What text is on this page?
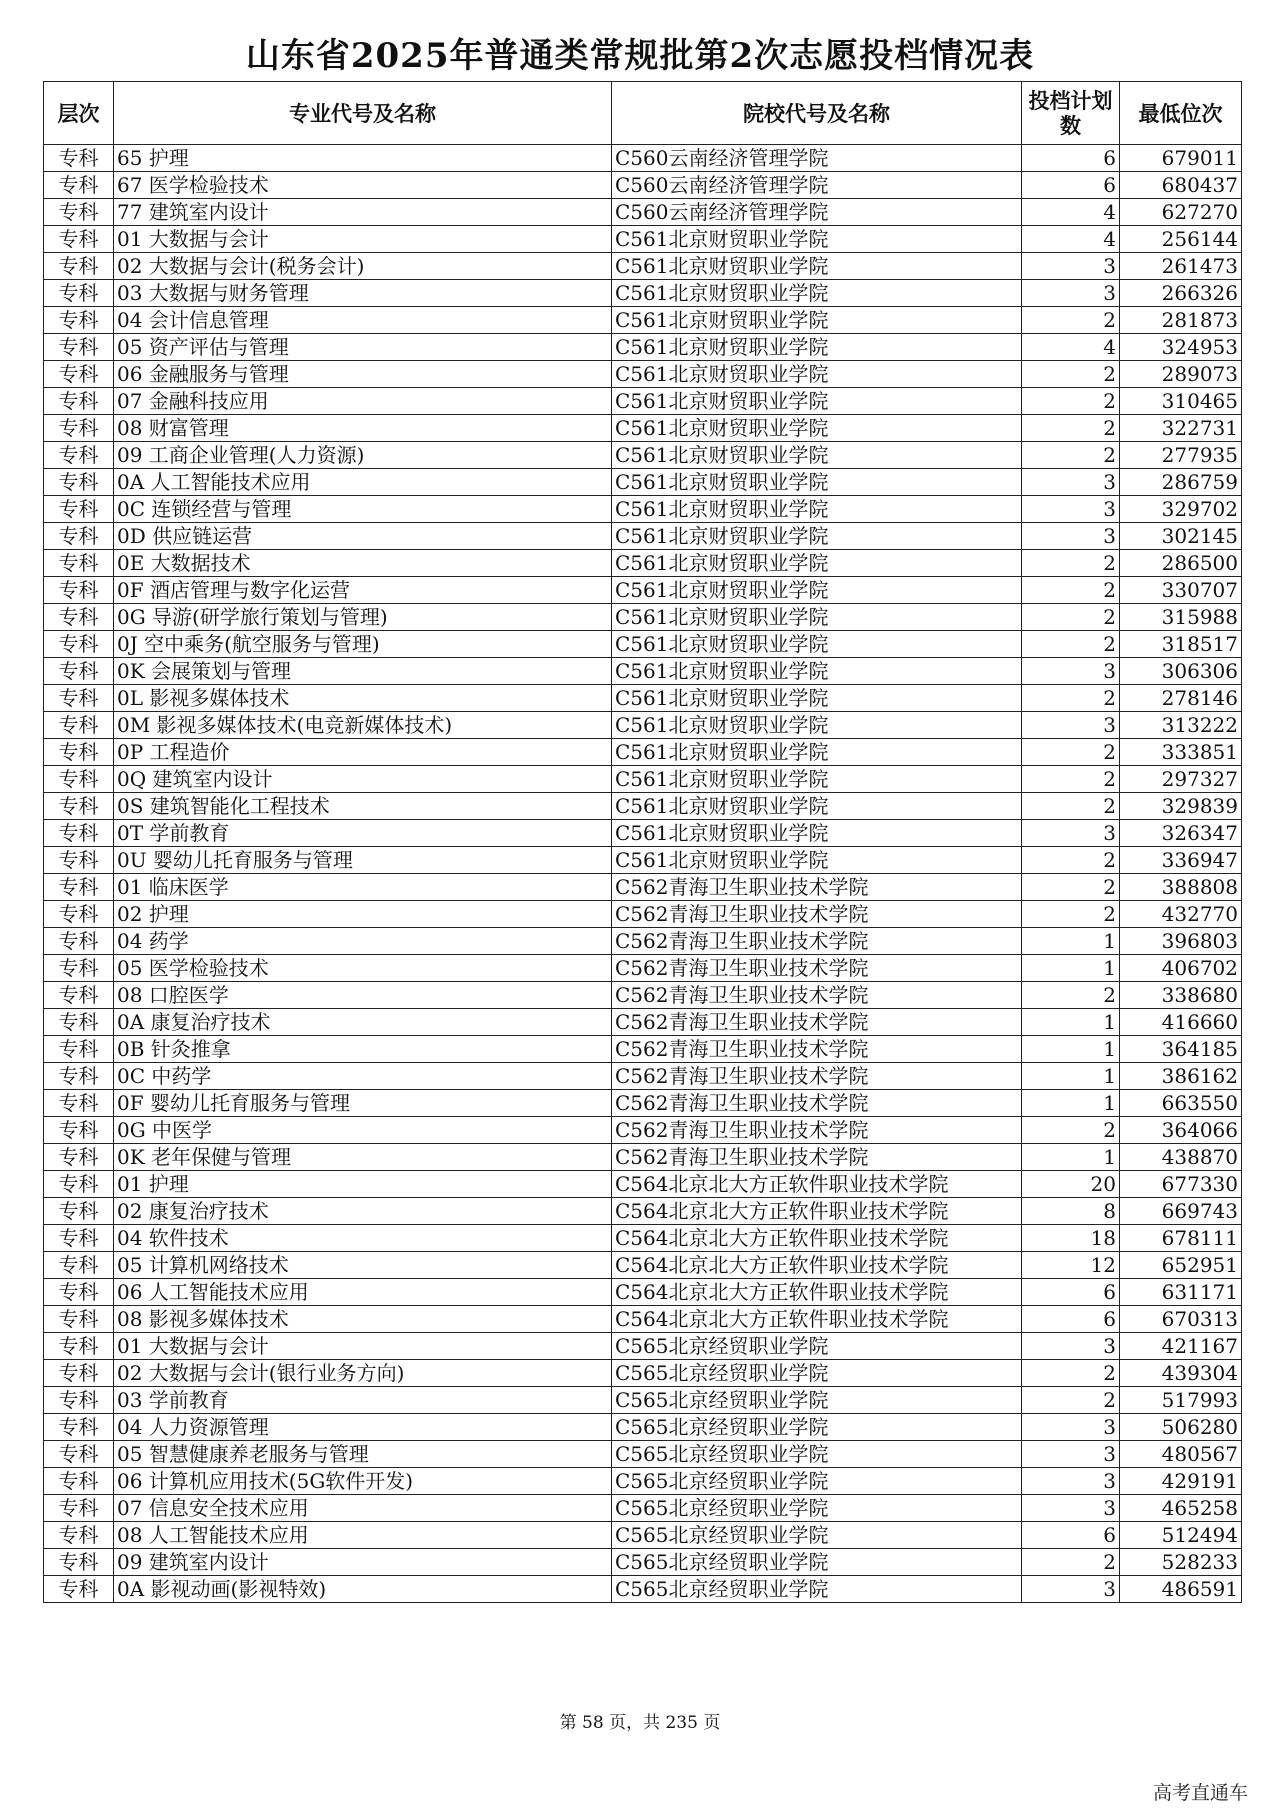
山东省2025年普通类常规批第2次志愿投档情况表
层次	专业代号及名称	院校代号及名称	投档计划数	最低位次
专科	65 护理	C560云南经济管理学院	6	679011
专科	67 医学检验技术	C560云南经济管理学院	6	680437
专科	77 建筑室内设计	C560云南经济管理学院	4	627270
专科	01 大数据与会计	C561北京财贸职业学院	4	256144
专科	02 大数据与会计(税务会计)	C561北京财贸职业学院	3	261473
专科	03 大数据与财务管理	C561北京财贸职业学院	3	266326
专科	04 会计信息管理	C561北京财贸职业学院	2	281873
专科	05 资产评估与管理	C561北京财贸职业学院	4	324953
专科	06 金融服务与管理	C561北京财贸职业学院	2	289073
专科	07 金融科技应用	C561北京财贸职业学院	2	310465
专科	08 财富管理	C561北京财贸职业学院	2	322731
专科	09 工商企业管理(人力资源)	C561北京财贸职业学院	2	277935
专科	0A 人工智能技术应用	C561北京财贸职业学院	3	286759
专科	0C 连锁经营与管理	C561北京财贸职业学院	3	329702
专科	0D 供应链运营	C561北京财贸职业学院	3	302145
专科	0E 大数据技术	C561北京财贸职业学院	2	286500
专科	0F 酒店管理与数字化运营	C561北京财贸职业学院	2	330707
专科	0G 导游(研学旅行策划与管理)	C561北京财贸职业学院	2	315988
专科	0J 空中乘务(航空服务与管理)	C561北京财贸职业学院	2	318517
专科	0K 会展策划与管理	C561北京财贸职业学院	3	306306
专科	0L 影视多媒体技术	C561北京财贸职业学院	2	278146
专科	0M 影视多媒体技术(电竞新媒体技术)	C561北京财贸职业学院	3	313222
专科	0P 工程造价	C561北京财贸职业学院	2	333851
专科	0Q 建筑室内设计	C561北京财贸职业学院	2	297327
专科	0S 建筑智能化工程技术	C561北京财贸职业学院	2	329839
专科	0T 学前教育	C561北京财贸职业学院	3	326347
专科	0U 婴幼儿托育服务与管理	C561北京财贸职业学院	2	336947
专科	01 临床医学	C562青海卫生职业技术学院	2	388808
专科	02 护理	C562青海卫生职业技术学院	2	432770
专科	04 药学	C562青海卫生职业技术学院	1	396803
专科	05 医学检验技术	C562青海卫生职业技术学院	1	406702
专科	08 口腔医学	C562青海卫生职业技术学院	2	338680
专科	0A 康复治疗技术	C562青海卫生职业技术学院	1	416660
专科	0B 针灸推拿	C562青海卫生职业技术学院	1	364185
专科	0C 中药学	C562青海卫生职业技术学院	1	386162
专科	0F 婴幼儿托育服务与管理	C562青海卫生职业技术学院	1	663550
专科	0G 中医学	C562青海卫生职业技术学院	2	364066
专科	0K 老年保健与管理	C562青海卫生职业技术学院	1	438870
专科	01 护理	C564北京北大方正软件职业技术学院	20	677330
专科	02 康复治疗技术	C564北京北大方正软件职业技术学院	8	669743
专科	04 软件技术	C564北京北大方正软件职业技术学院	18	678111
专科	05 计算机网络技术	C564北京北大方正软件职业技术学院	12	652951
专科	06 人工智能技术应用	C564北京北大方正软件职业技术学院	6	631171
专科	08 影视多媒体技术	C564北京北大方正软件职业技术学院	6	670313
专科	01 大数据与会计	C565北京经贸职业学院	3	421167
专科	02 大数据与会计(银行业务方向)	C565北京经贸职业学院	2	439304
专科	03 学前教育	C565北京经贸职业学院	2	517993
专科	04 人力资源管理	C565北京经贸职业学院	3	506280
专科	05 智慧健康养老服务与管理	C565北京经贸职业学院	3	480567
专科	06 计算机应用技术(5G软件开发)	C565北京经贸职业学院	3	429191
专科	07 信息安全技术应用	C565北京经贸职业学院	3	465258
专科	08 人工智能技术应用	C565北京经贸职业学院	6	512494
专科	09 建筑室内设计	C565北京经贸职业学院	2	528233
专科	0A 影视动画(影视特效)	C565北京经贸职业学院	3	486591
第 58 页，共 235 页
高考直通车
